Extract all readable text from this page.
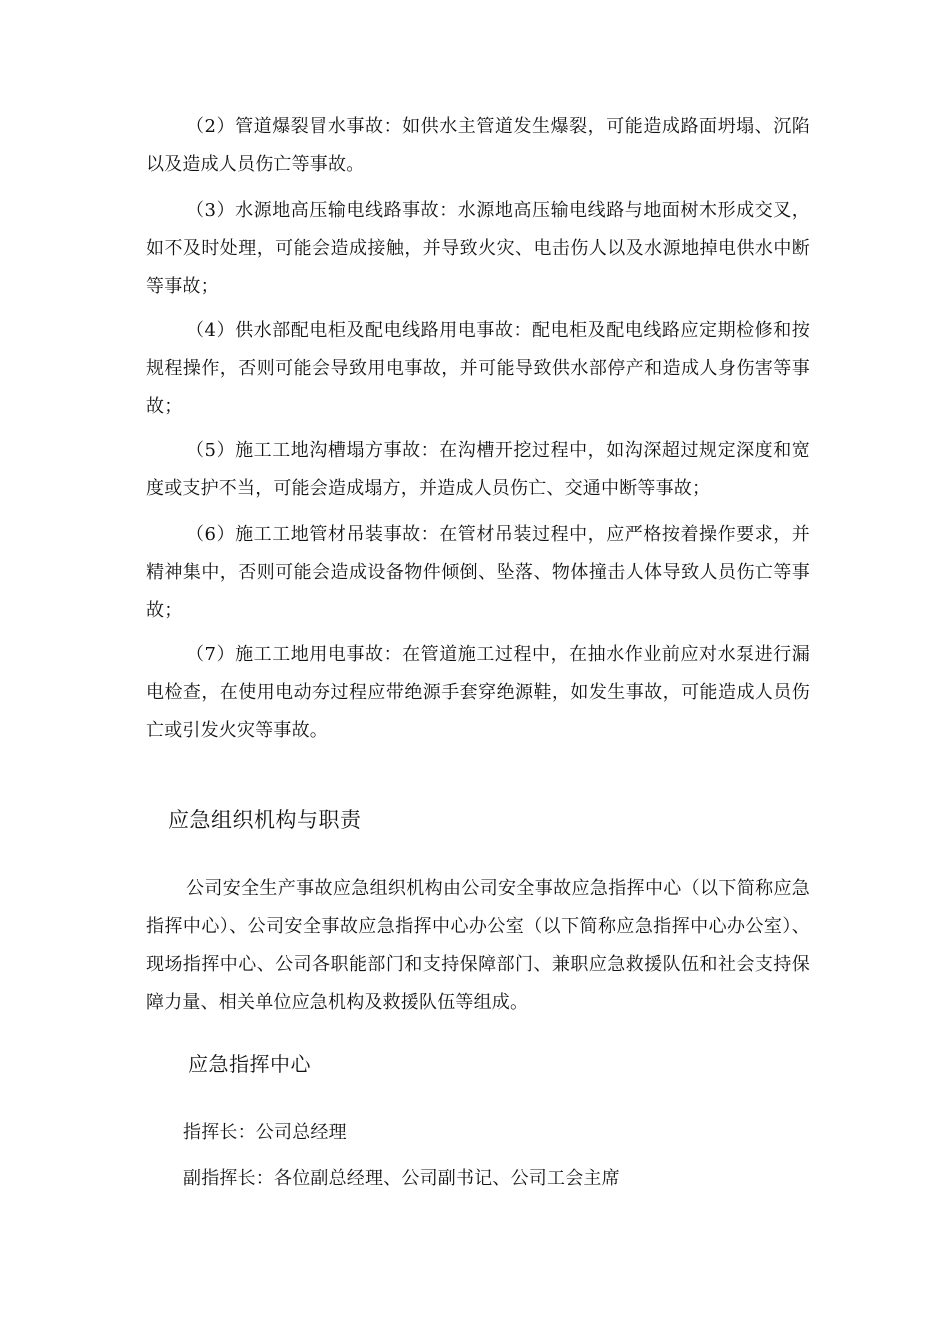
（2）管道爆裂冒水事故：如供水主管道发生爆裂，可能造成路面坍塌、沉陷以及造成人员伤亡等事故。

（3）水源地高压输电线路事故：水源地高压输电线路与地面树木形成交叉，如不及时处理，可能会造成接触，并导致火灾、电击伤人以及水源地掉电供水中断等事故；

（4）供水部配电柜及配电线路用电事故：配电柜及配电线路应定期检修和按规程操作，否则可能会导致用电事故，并可能导致供水部停产和造成人身伤害等事故；

（5）施工工地沟槽塌方事故：在沟槽开挖过程中，如沟深超过规定深度和宽度或支护不当，可能会造成塌方，并造成人员伤亡、交通中断等事故；

（6）施工工地管材吊装事故：在管材吊装过程中，应严格按着操作要求，并精神集中，否则可能会造成设备物件倾倒、坠落、物体撞击人体导致人员伤亡等事故；

（7）施工工地用电事故：在管道施工过程中，在抽水作业前应对水泵进行漏电检查，在使用电动夯过程应带绝源手套穿绝源鞋，如发生事故，可能造成人员伤亡或引发火灾等事故。

应急组织机构与职责

公司安全生产事故应急组织机构由公司安全事故应急指挥中心（以下简称应急指挥中心）、公司安全事故应急指挥中心办公室（以下简称应急指挥中心办公室）、现场指挥中心、公司各职能部门和支持保障部门、兼职应急救援队伍和社会支持保障力量、相关单位应急机构及救援队伍等组成。

应急指挥中心

指挥长：公司总经理

副指挥长：各位副总经理、公司副书记、公司工会主席
